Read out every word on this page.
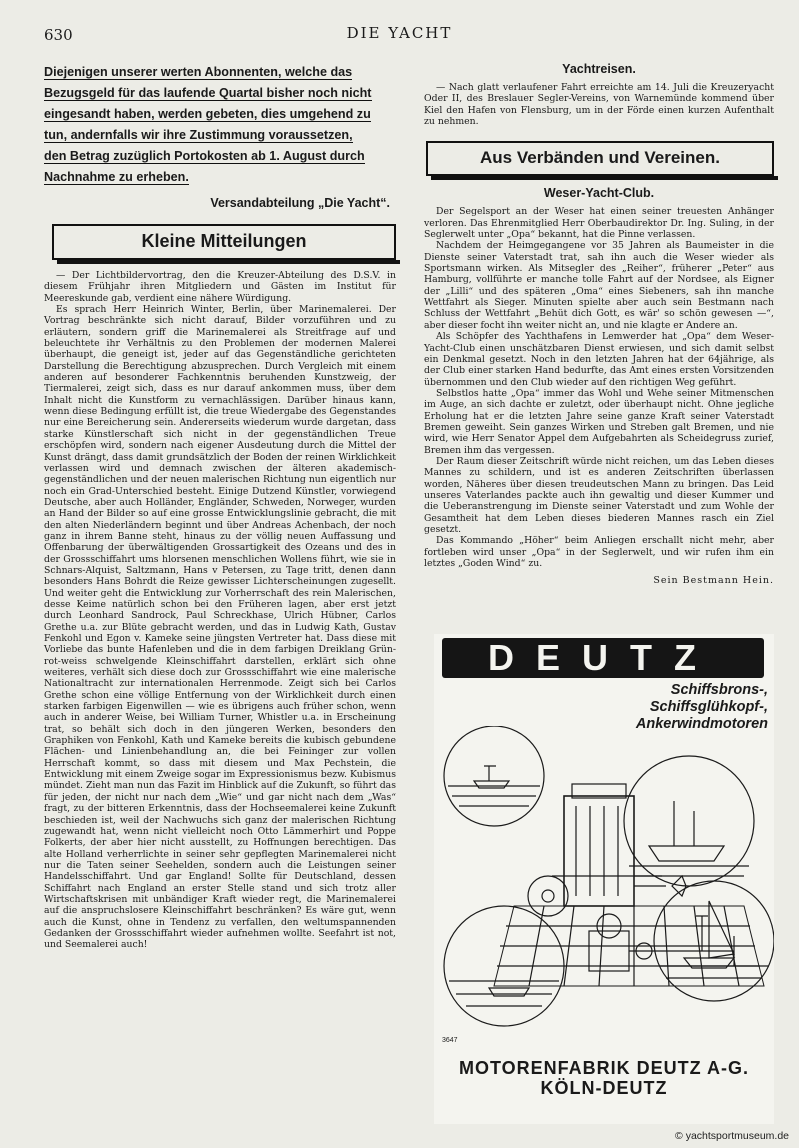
630	DIE YACHT
Diejenigen unserer werten Abonnenten, welche das
Bezugsgeld für das laufende Quartal bisher noch nicht
eingesandt haben, werden gebeten, dies umgehend zu
tun, andernfalls wir ihre Zustimmung voraussetzen,
den Betrag zuzüglich Portokosten ab 1. August durch
Nachnahme zu erheben.
Versandabteilung „Die Yacht“.
Kleine Mitteilungen

— Der Lichtbildervortrag, den die Kreuzer-Abteilung des D.S.V. in diesem Frühjahr ihren Mitgliedern und Gästen im Institut für Meereskunde gab, verdient eine nähere Würdigung.

Es sprach Herr Heinrich Winter, Berlin, über Marinemalerei. Der Vortrag beschränkte sich nicht darauf, Bilder vorzuführen und zu erläutern, sondern griff die Marinemalerei als Streitfrage auf und beleuchtete ihr Verhältnis zu den Problemen der modernen Malerei überhaupt, die geneigt ist, jeder auf das Gegenständliche gerichteten Darstellung die Berechtigung abzusprechen. Durch Vergleich mit einem anderen auf besonderer Fachkenntnis beruhenden Kunstzweig, der Tiermalerei, zeigt sich, dass es nur darauf ankommen muss, über dem Inhalt nicht die Kunstform zu vernachlässigen. Darüber hinaus kann, wenn diese Bedingung erfüllt ist, die treue Wiedergabe des Gegenstandes nur eine Bereicherung sein. Andererseits wiederum wurde dargetan, dass starke Künstlerschaft sich nicht in der gegenständlichen Treue erschöpfen wird, sondern nach eigener Ausdeutung durch die Mittel der Kunst drängt, dass damit grundsätzlich der Boden der reinen Wirklichkeit verlassen wird und demnach zwischen der älteren akademisch-gegenständlichen und der neuen malerischen Richtung nun eigentlich nur noch ein Grad-Unterschied besteht. Einige Dutzend Künstler, vorwiegend Deutsche, aber auch Holländer, Engländer, Schweden, Norweger, wurden an Hand der Bilder so auf eine grosse Entwicklungslinie gebracht, die mit den alten Niederländern beginnt und über Andreas Achenbach, der noch ganz in ihrem Banne steht, hinaus zu der völlig neuen Auffassung und Offenbarung der überwältigenden Grossartigkeit des Ozeans und des in der Grossschiffahrt ums hlorsenen menschlichen Wollens führt, wie sie in Schnars-Alquist, Saltzmann, Hans v Petersen, zu Tage tritt, denen dann besonders Hans Bohrdt die Reize gewisser Lichterscheinungen zugesellt. Und weiter geht die Entwicklung zur Vorherrschaft des rein Malerischen, desse Keime natürlich schon bei den Früheren lagen, aber erst jetzt durch Leonhard Sandrock, Paul Schreckhase, Ulrich Hübner, Carlos Grethe u.a. zur Blüte gebracht werden, und das in Ludwig Kath, Gustav Fenkohl und Egon v. Kameke seine jüngsten Vertreter hat. Dass diese mit Vorliebe das bunte Hafenleben und die in dem farbigen Dreiklang Grün-rot-weiss schwelgende Kleinschiffahrt darstellen, erklärt sich ohne weiteres, verhält sich diese doch zur Grossschiffahrt wie eine malerische Nationaltracht zur internationalen Herrenmode. Zeigt sich bei Carlos Grethe schon eine völlige Entfernung von der Wirklichkeit durch einen starken farbigen Eigenwillen — wie es übrigens auch früher schon, wenn auch in anderer Weise, bei William Turner, Whistler u.a. in Erscheinung trat, so behält sich doch in den jüngeren Werken, besonders den Graphiken von Fenkohl, Kath und Kameke bereits die kubisch gebundene Flächen- und Linienbehandlung an, die bei Feininger zur vollen Herrschaft kommt, so dass mit diesem und Max Pechstein, die Entwicklung mit einem Zweige sogar im Expressionismus bezw. Kubismus mündet. Zieht man nun das Fazit im Hinblick auf die Zukunft, so führt das für jeden, der nicht nur nach dem „Wie“ und gar nicht nach dem „Was“ fragt, zu der bitteren Erkenntnis, dass der Hochseemalerei keine Zukunft beschieden ist, weil der Nachwuchs sich ganz der malerischen Richtung zugewandt hat, wenn nicht vielleicht noch Otto Lämmerhirt und Poppe Folkerts, der aber hier nicht ausstellt, zu Hoffnungen berechtigen. Das alte Holland verherrlichte in seiner sehr gepflegten Marinemalerei nicht nur die Taten seiner Seehelden, sondern auch die Leistungen seiner Handelsschiffahrt. Und gar England! Sollte für Deutschland, dessen Schiffahrt nach England an erster Stelle stand und sich trotz aller Wirtschaftskrisen mit unbändiger Kraft wieder regt, die Marinemalerei auf die anspruchslosere Kleinschiffahrt beschränken? Es wäre gut, wenn auch die Kunst, ohne in Tendenz zu verfallen, den weltumspannenden Gedanken der Grossschiffahrt wieder aufnehmen wollte. Seefahrt ist not, und Seemalerei auch!

Yachtreisen.

— Nach glatt verlaufener Fahrt erreichte am 14. Juli die Kreuzeryacht Oder II, des Breslauer Segler-Vereins, von Warnemünde kommend über Kiel den Hafen von Flensburg, um in der Förde einen kurzen Aufenthalt zu nehmen.

Aus Verbänden und Vereinen.
Weser-Yacht-Club.

Der Segelsport an der Weser hat einen seiner treuesten Anhänger verloren. Das Ehrenmitglied Herr Oberbaudirektor Dr. Ing. Suling, in der Seglerwelt unter „Opa“ bekannt, hat die Pinne verlassen.

Nachdem der Heimgegangene vor 35 Jahren als Baumeister in die Dienste seiner Vaterstadt trat, sah ihn auch die Weser wieder als Sportsmann wirken. Als Mitsegler des „Reiher“, früherer „Peter“ aus Hamburg, vollführte er manche tolle Fahrt auf der Nordsee, als Eigner der „Lilli“ und des späteren „Oma“ eines Siebeners, sah ihn manche Wettfahrt als Sieger. Minuten spielte aber auch sein Bestmann nach Schluss der Wettfahrt „Behüt dich Gott, es wär' so schön gewesen —“, aber dieser focht ihn weiter nicht an, und nie klagte er Andere an.

Als Schöpfer des Yachthafens in Lemwerder hat „Opa“ dem Weser-Yacht-Club einen unschätzbaren Dienst erwiesen, und sich damit selbst ein Denkmal gesetzt. Noch in den letzten Jahren hat der 64jährige, als der Club einer starken Hand bedurfte, das Amt eines ersten Vorsitzenden übernommen und den Club wieder auf den richtigen Weg geführt.

Selbstlos hatte „Opa“ immer das Wohl und Wehe seiner Mitmenschen im Auge, an sich dachte er zuletzt, oder überhaupt nicht. Ohne jegliche Erholung hat er die letzten Jahre seine ganze Kraft seiner Vaterstadt Bremen geweiht. Sein ganzes Wirken und Streben galt Bremen, und nie wird, wie Herr Senator Appel dem Aufgebahrten als Scheidegruss zurief, Bremen ihm das vergessen.

Der Raum dieser Zeitschrift würde nicht reichen, um das Leben dieses Mannes zu schildern, und ist es anderen Zeitschriften überlassen worden, Näheres über diesen treudeutschen Mann zu bringen. Das Leid unseres Vaterlandes packte auch ihn gewaltig und dieser Kummer und die Ueberanstrengung im Dienste seiner Vaterstadt und zum Wohle der Gesamtheit hat dem Leben dieses biederen Mannes rasch ein Ziel gesetzt.

Das Kommando „Höher“ beim Anliegen erschallt nicht mehr, aber fortleben wird unser „Opa“ in der Seglerwelt, und wir rufen ihm ein letztes „Goden Wind“ zu.

Sein Bestmann Hein.
DEUTZ
Schiffsbrons-,
Schiffsglühkopf-,
Ankerwindmotoren
3647
MOTORENFABRIK DEUTZ A-G.
KÖLN-DEUTZ
© yachtsportmuseum.de
